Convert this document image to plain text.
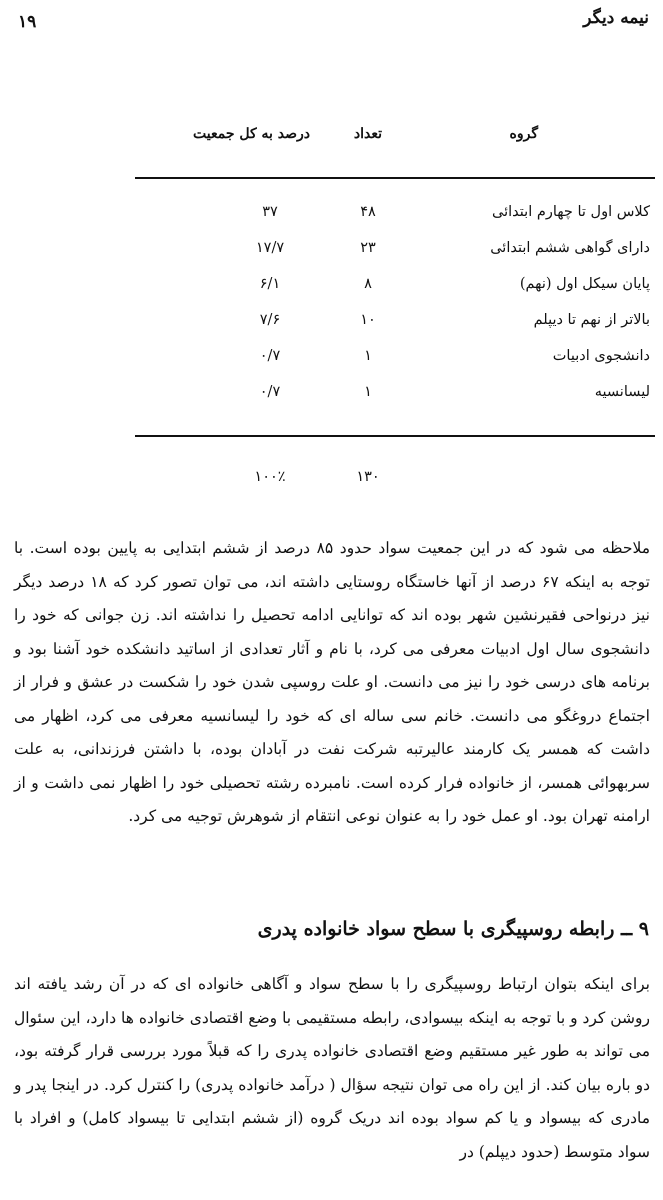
نیمه دیگر
۱۹
گروه
تعداد
درصد به کل جمعیت
کلاس اول تا چهارم ابتدائی
۴۸
۳۷
دارای گواهی ششم ابتدائی
۲۳
۱۷/۷
پایان سیکل اول (نهم)
۸
۶/۱
بالاتر از نهم تا دیپلم
۱۰
۷/۶
دانشجوی ادبیات
۱
۰/۷
لیسانسیه
۱
۰/۷
۱۳۰
۱۰۰٪

ملاحظه می شود که در این جمعیت سواد حدود ۸۵ درصد از ششم ابتدایی به پایین بوده است. با توجه به اینکه ۶۷ درصد از آنها خاستگاه روستایی داشته اند، می توان تصور کرد که ۱۸ درصد دیگر نیز درنواحی فقیرنشین شهر بوده اند که توانایی ادامه تحصیل را نداشته اند. زن جوانی که خود را دانشجوی سال اول ادبیات معرفی می کرد، با نام و آثار تعدادی از اساتید دانشکده خود آشنا بود و برنامه های درسی خود را نیز می دانست. او علت روسپی شدن خود را شکست در عشق و فرار از اجتماع دروغگو می دانست. خانم سی ساله ای که خود را لیسانسیه معرفی می کرد، اظهار می داشت که همسر یک کارمند عالیرتبه شرکت نفت در آبادان بوده، با داشتن فرزندانی، به علت سربهوائی همسر، از خانواده فرار کرده است. نامبرده رشته تحصیلی خود را اظهار نمی داشت و از ارامنه تهران بود. او عمل خود را به عنوان نوعی انتقام از شوهرش توجیه می کرد.

۹ ــ رابطه روسپیگری با سطح سواد خانواده پدری

برای اینکه بتوان ارتباط روسپیگری را با سطح سواد و آگاهی خانواده ای که در آن رشد یافته اند روشن کرد و با توجه به اینکه بیسوادی، رابطه مستقیمی با وضع اقتصادی خانواده ها دارد، این سئوال می تواند به طور غیر مستقیم وضع اقتصادی خانواده پدری را که قبلاً مورد بررسی قرار گرفته بود، دو باره بیان کند. از این راه می توان نتیجه سؤال ( درآمد خانواده پدری) را کنترل کرد. در اینجا پدر و مادری که بیسواد و یا کم سواد بوده اند دریک گروه (از ششم ابتدایی تا بیسواد کامل) و افراد با سواد متوسط (حدود دیپلم) در
